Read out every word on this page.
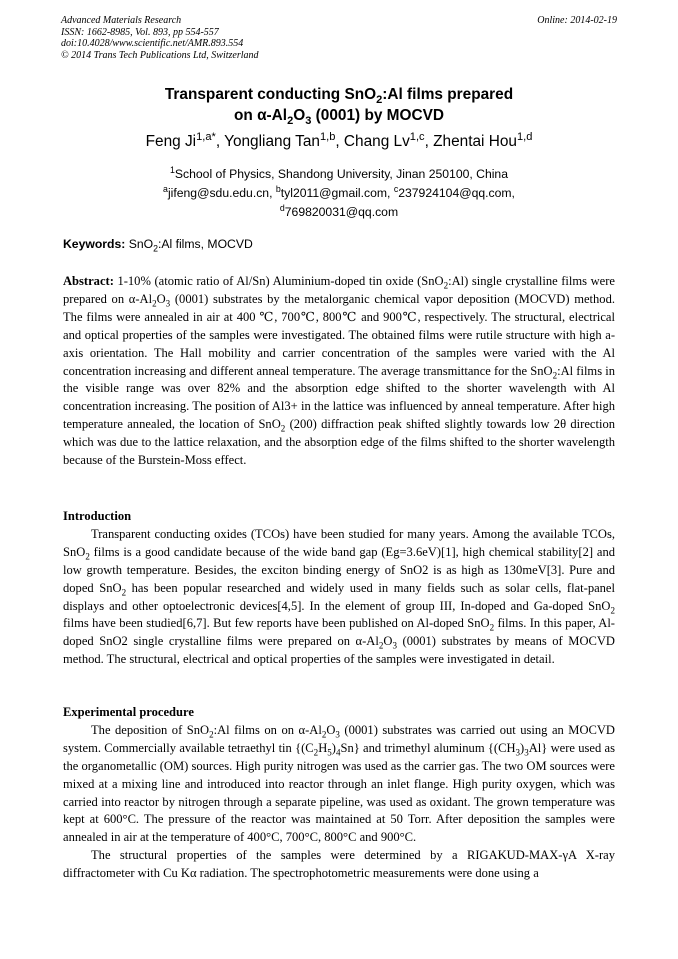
Advanced Materials Research
ISSN: 1662-8985, Vol. 893, pp 554-557
doi:10.4028/www.scientific.net/AMR.893.554
© 2014 Trans Tech Publications Ltd, Switzerland
Online: 2014-02-19
Transparent conducting SnO$_2$:Al films prepared
on $\alpha-Al_2O_3$ (0001) by MOCVD
Feng $Ji^{1,a*}$, Yongliang Tan$^{1,b}$, Chang Lv$^{1,c}$, Zhentai Hou$^{1,d}$
$^1$School of Physics, Shandong University, Jinan 250100, China
$^a$jifeng@sdu.edu.cn, $^b$tyl2011@gmail.com, $^c$237924104@qq.com,
$^d$769820031@qq.com
Keywords: SnO$_2$:Al films, MOCVD
Abstract: 1-10% (atomic ratio of Al/Sn) Aluminium-doped tin oxide (SnO$_2$:Al) single crystalline films were prepared on $\alpha-Al_2O_3$ (0001) substrates by the metalorganic chemical vapor deposition (MOCVD) method. The films were annealed in air at 400 ℃, 700℃, 800℃ and 900℃, respectively. The structural, electrical and optical properties of the samples were investigated. The obtained films were rutile structure with high a-axis orientation. The Hall mobility and carrier concentration of the samples were varied with the Al concentration increasing and different anneal temperature. The average transmittance for the SnO$_2$:Al films in the visible range was over 82% and the absorption edge shifted to the shorter wavelength with Al concentration increasing. The position of Al3+ in the lattice was influenced by anneal temperature. After high temperature annealed, the location of SnO$_2$ (200) diffraction peak shifted slightly towards low 2θ direction which was due to the lattice relaxation, and the absorption edge of the films shifted to the shorter wavelength because of the Burstein-Moss effect.
Introduction
Transparent conducting oxides (TCOs) have been studied for many years. Among the available TCOs, SnO$_2$ films is a good candidate because of the wide band gap (Eg=3.6eV)[1], high chemical stability[2] and low growth temperature. Besides, the exciton binding energy of SnO2 is as high as 130meV[3]. Pure and doped SnO$_2$ has been popular researched and widely used in many fields such as solar cells, flat-panel displays and other optoelectronic devices[4,5]. In the element of group III, In-doped and Ga-doped SnO$_2$ films have been studied[6,7]. But few reports have been published on Al-doped SnO$_2$ films. In this paper, Al-doped SnO2 single crystalline films were prepared on $\alpha-Al_2O_3$ (0001) substrates by means of MOCVD method. The structural, electrical and optical properties of the samples were investigated in detail.
Experimental procedure
The deposition of SnO$_2$:Al films on on $\alpha-Al_2O_3$ (0001) substrates was carried out using an MOCVD system. Commercially available tetraethyl tin $\{(C_2H_5)_4Sn\}$ and trimethyl aluminum $\{(CH_3)_3Al\}$ were used as the organometallic (OM) sources. High purity nitrogen was used as the carrier gas. The two OM sources were mixed at a mixing line and introduced into reactor through an inlet flange. High purity oxygen, which was carried into reactor by nitrogen through a separate pipeline, was used as oxidant. The grown temperature was kept at 600°C. The pressure of the reactor was maintained at 50 Torr. After deposition the samples were annealed in air at the temperature of 400°C, 700°C, 800°C and 900°C.
The structural properties of the samples were determined by a RIGAKUD-MAX-γA X-ray diffractometer with Cu Kα radiation. The spectrophotometric measurements were done using a
